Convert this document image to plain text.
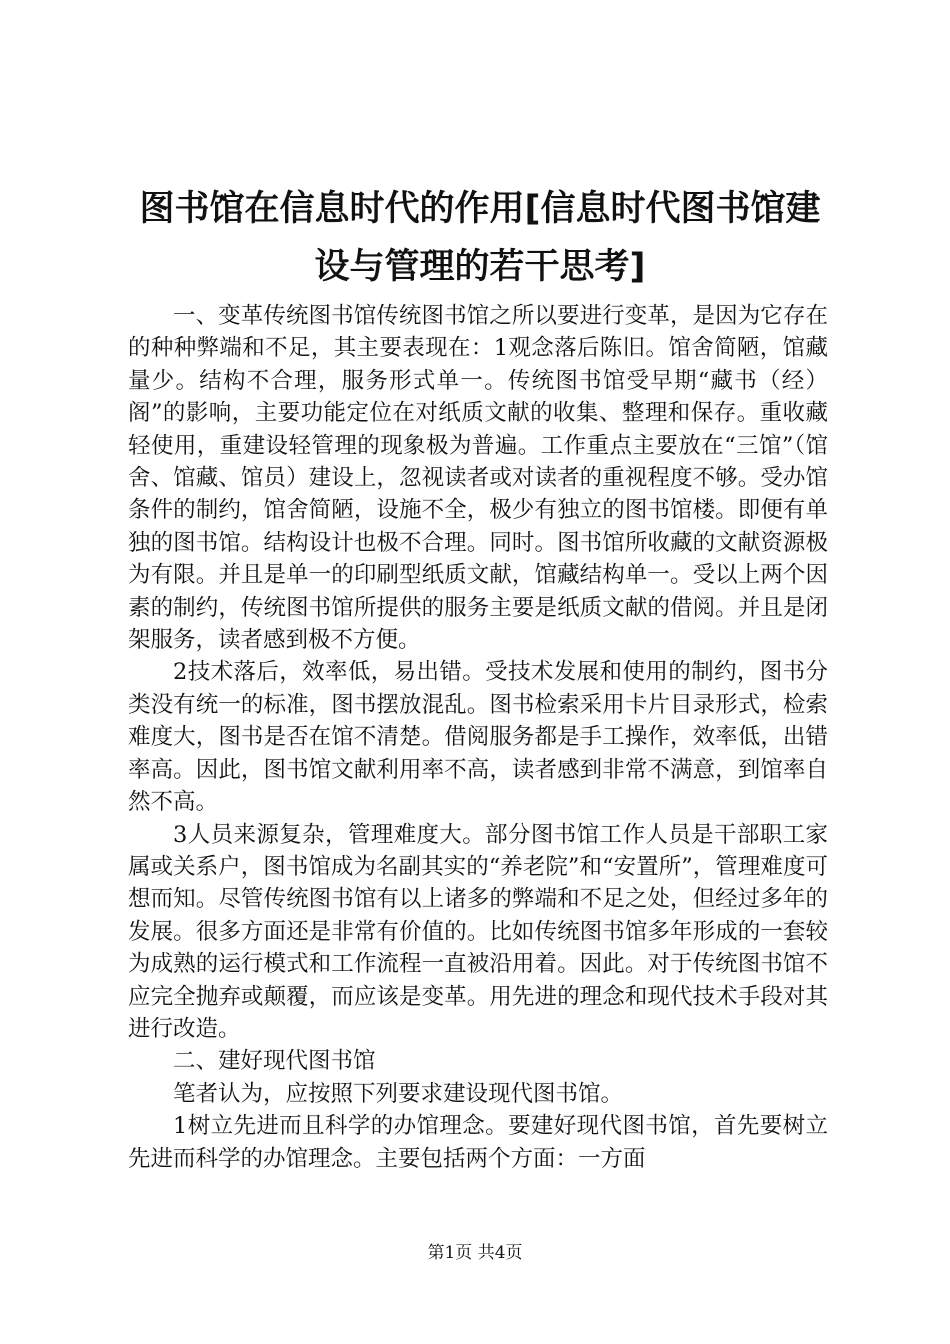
图书馆在信息时代的作用[信息时代图书馆建
设与管理的若干思考]

一、变革传统图书馆传统图书馆之所以要进行变革，是因为它存在的种种弊端和不足，其主要表现在：1观念落后陈旧。馆舍简陋，馆藏量少。结构不合理，服务形式单一。传统图书馆受早期“藏书（经）阁”的影响，主要功能定位在对纸质文献的收集、整理和保存。重收藏轻使用，重建设轻管理的现象极为普遍。工作重点主要放在“三馆”（馆舍、馆藏、馆员）建设上，忽视读者或对读者的重视程度不够。受办馆条件的制约，馆舍简陋，设施不全，极少有独立的图书馆楼。即便有单独的图书馆。结构设计也极不合理。同时。图书馆所收藏的文献资源极为有限。并且是单一的印刷型纸质文献，馆藏结构单一。受以上两个因素的制约，传统图书馆所提供的服务主要是纸质文献的借阅。并且是闭架服务，读者感到极不方便。

2技术落后，效率低，易出错。受技术发展和使用的制约，图书分类没有统一的标准，图书摆放混乱。图书检索采用卡片目录形式，检索难度大，图书是否在馆不清楚。借阅服务都是手工操作，效率低，出错率高。因此，图书馆文献利用率不高，读者感到非常不满意，到馆率自然不高。

3人员来源复杂，管理难度大。部分图书馆工作人员是干部职工家属或关系户，图书馆成为名副其实的“养老院”和“安置所”，管理难度可想而知。尽管传统图书馆有以上诸多的弊端和不足之处，但经过多年的发展。很多方面还是非常有价值的。比如传统图书馆多年形成的一套较为成熟的运行模式和工作流程一直被沿用着。因此。对于传统图书馆不应完全抛弃或颠覆，而应该是变革。用先进的理念和现代技术手段对其进行改造。

二、建好现代图书馆

笔者认为，应按照下列要求建设现代图书馆。

1树立先进而且科学的办馆理念。要建好现代图书馆，首先要树立先进而科学的办馆理念。主要包括两个方面：一方面

第1页 共4页
